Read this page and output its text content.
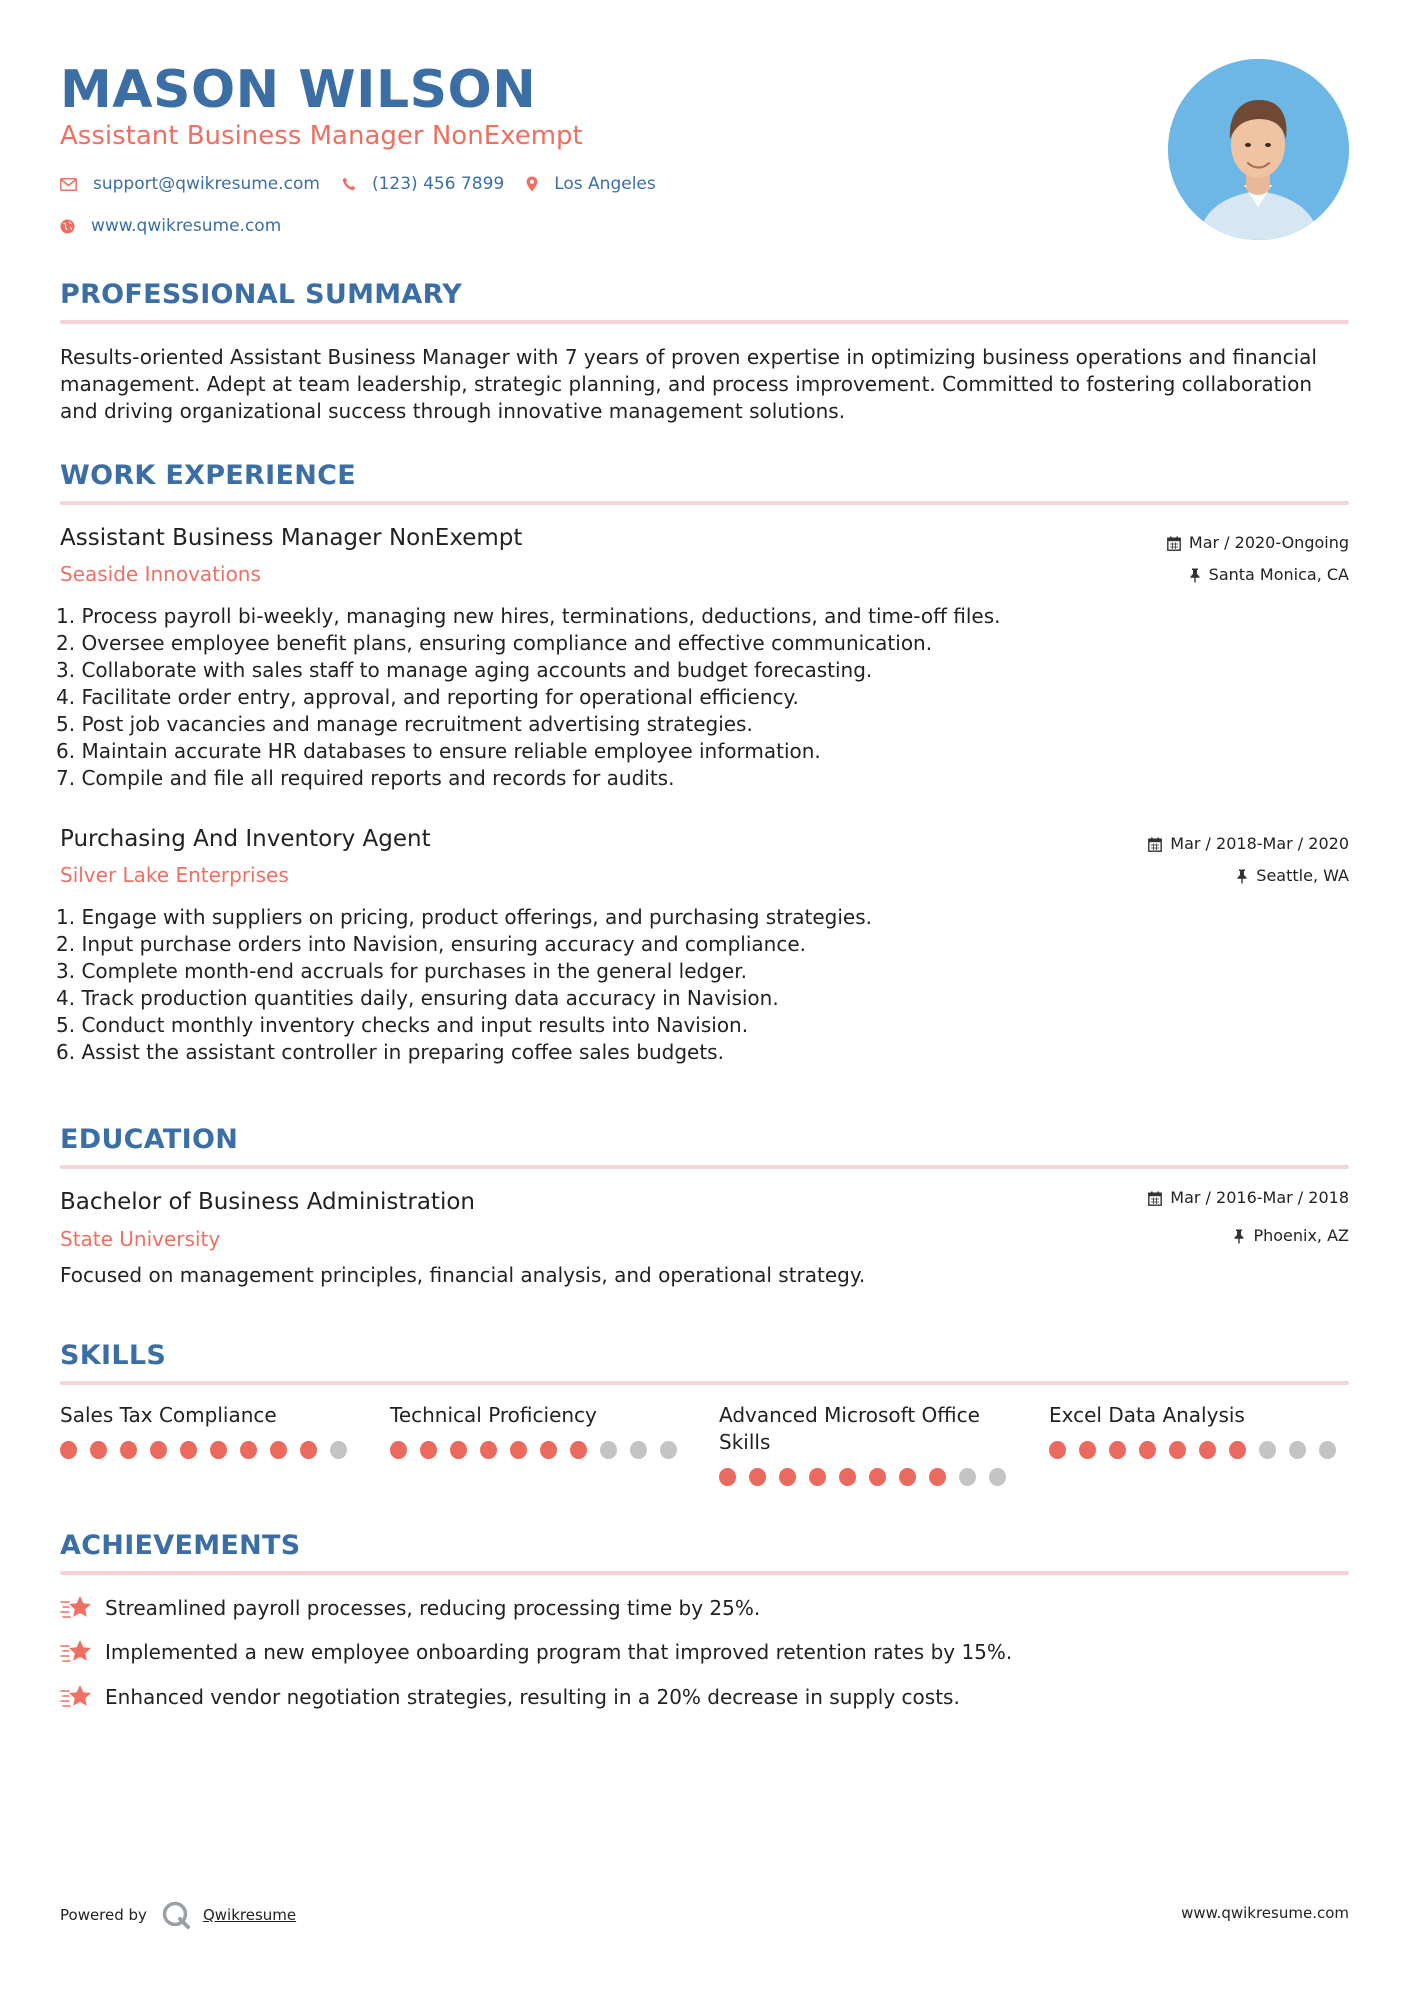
MASON WILSON
Assistant Business Manager NonExempt
support@qwikresume.com	(123) 456 7899	Los Angeles
www.qwikresume.com
PROFESSIONAL SUMMARY

Results-oriented Assistant Business Manager with 7 years of proven expertise in optimizing business operations and financial management. Adept at team leadership, strategic planning, and process improvement. Committed to fostering collaboration and driving organizational success through innovative management solutions.

WORK EXPERIENCE
Assistant Business Manager NonExempt
Seaside Innovations
Mar / 2020-Ongoing
Santa Monica, CA
1. Process payroll bi-weekly, managing new hires, terminations, deductions, and time-off files.
2. Oversee employee benefit plans, ensuring compliance and effective communication.
3. Collaborate with sales staff to manage aging accounts and budget forecasting.
4. Facilitate order entry, approval, and reporting for operational efficiency.
5. Post job vacancies and manage recruitment advertising strategies.
6. Maintain accurate HR databases to ensure reliable employee information.
7. Compile and file all required reports and records for audits.
Purchasing And Inventory Agent
Silver Lake Enterprises
Mar / 2018-Mar / 2020
Seattle, WA
1. Engage with suppliers on pricing, product offerings, and purchasing strategies.
2. Input purchase orders into Navision, ensuring accuracy and compliance.
3. Complete month-end accruals for purchases in the general ledger.
4. Track production quantities daily, ensuring data accuracy in Navision.
5. Conduct monthly inventory checks and input results into Navision.
6. Assist the assistant controller in preparing coffee sales budgets.
EDUCATION
Bachelor of Business Administration
State University
Mar / 2016-Mar / 2018
Phoenix, AZ

Focused on management principles, financial analysis, and operational strategy.

SKILLS
Sales Tax Compliance	Technical Proficiency	Advanced Microsoft Office Skills
Excel Data Analysis
ACHIEVEMENTS
Streamlined payroll processes, reducing processing time by 25%.
Implemented a new employee onboarding program that improved retention rates by 15%.
Enhanced vendor negotiation strategies, resulting in a 20% decrease in supply costs.
Powered by	Qwikresume	www.qwikresume.com
